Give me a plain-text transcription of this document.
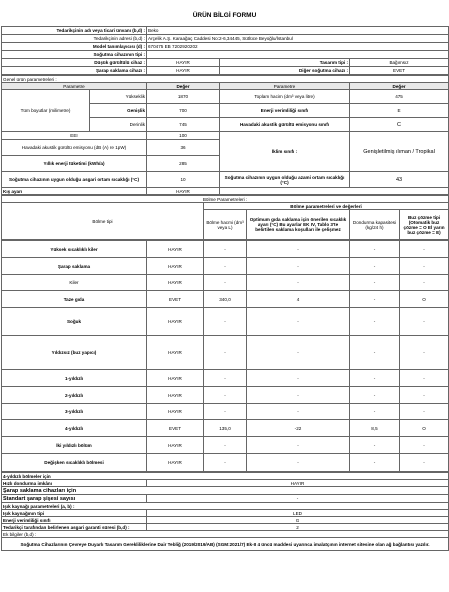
ÜRÜN BİLGİ FORMU
Tedarikçinin adı veya ticari ünvanı (b,d) :	Beko		
Tedarikçinin adresi (b,d) :	Arçelik A.Ş. Karaağaç Caddesi No:2-6,34445, Sütlüce Beyoğlu/İstanbul		
Model tanımlayıcısı (d) :	670475 EB 7202920202		
Soğutma cihazının tipi :			
Düşük gürültülü cihaz :	HAYIR	Tasarım tipi :	Bağımsız
Şarap saklama cihazı :	HAYIR	Diğer soğutma cihazı :	EVET
Genel ürün parametreleri :				
Parametre		Değer	Parametre	Değer
Tüm boyutlar (milimetre)	Yükseklik	1870	Toplam hacim (dm³ veya litre)	475
	Genişlik	700	Enerji verimliliği sınıfı	E
	Derinlik	745	Havadaki akustik gürültü emisyonu sınıfı	C
EEI		100	İklim sınıfı :	Genişletilmiş ılıman / Tropikal
Havadaki akustik gürültü emisyonu (dB (A) re 1pW)		36		
Yıllık enerji tüketimi (kWh/a)		285		
Soğutma cihazının uygun olduğu asgari ortam sıcaklığı (°C)		10	Soğutma cihazının uygun olduğu azami ortam sıcaklığı (°C)	43
Kış ayarı		HAYIR		
Bölme Parametreleri :				
Bölme tipi	Bölme parametreleri ve değerleri			
	Bölme hacmi (dm³ veya L)	Optimum gıda saklama için önerilen sıcaklık ayarı (°C) Bu ayarlar EK IV, Tablo 3'te belirtilen saklama koşulları ile çelişmez	Dondurma kapasitesi (kg/24 h)	Buz çözme tipi (Otomatik buz çözme = O El yarın buz çözme = E)
Yüksek sıcaklıklı kiler	HAYIR	-	-	-	-
Şarap saklama	HAYIR	-	-	-	-
Kiler	HAYIR	-	-	-	-
Taze gıda	EVET	340,0	4	-	O
Soğuk	HAYIR	-	-	-	-
Yıldızsız (buz yapıcı)	HAYIR	-	-	-	-
1-yıldızlı	HAYIR	-	-	-	-
2-yıldızlı	HAYIR	-	-	-	-
3-yıldızlı	HAYIR	-	-	-	-
4-yıldızlı	EVET	135,0	-22	8,5	O
İki yıldızlı bölüm	HAYIR	-	-	-	-
Değişken sıcaklıklı bölmesi	HAYIR	-	-	-	-
4-yıldızlı bölmeler için	
Hızlı dondurma imkânı	HAYIR
Şarap saklama cihazları için	
Standart şarap şişesi sayısı	-
Işık kaynağı parametreleri (a, b) :	
Işık kaynağının tipi	LED
Enerji verimliliği sınıfı	G
Tedarikçi tarafından belirlenen asgari garanti süresi (b,d) :	2
Ek bilgiler (b,d) :	
Soğutma Cihazlarının Çevreye Duyarlı Tasarım Gerekliliklerine Dair Tebliğ (2019/2019/AB) (SGM:2021/7) Ek-II 4 üncü maddesi uyarınca imalatçının internet sitesine olan ağ bağlantısı yazılır.	
